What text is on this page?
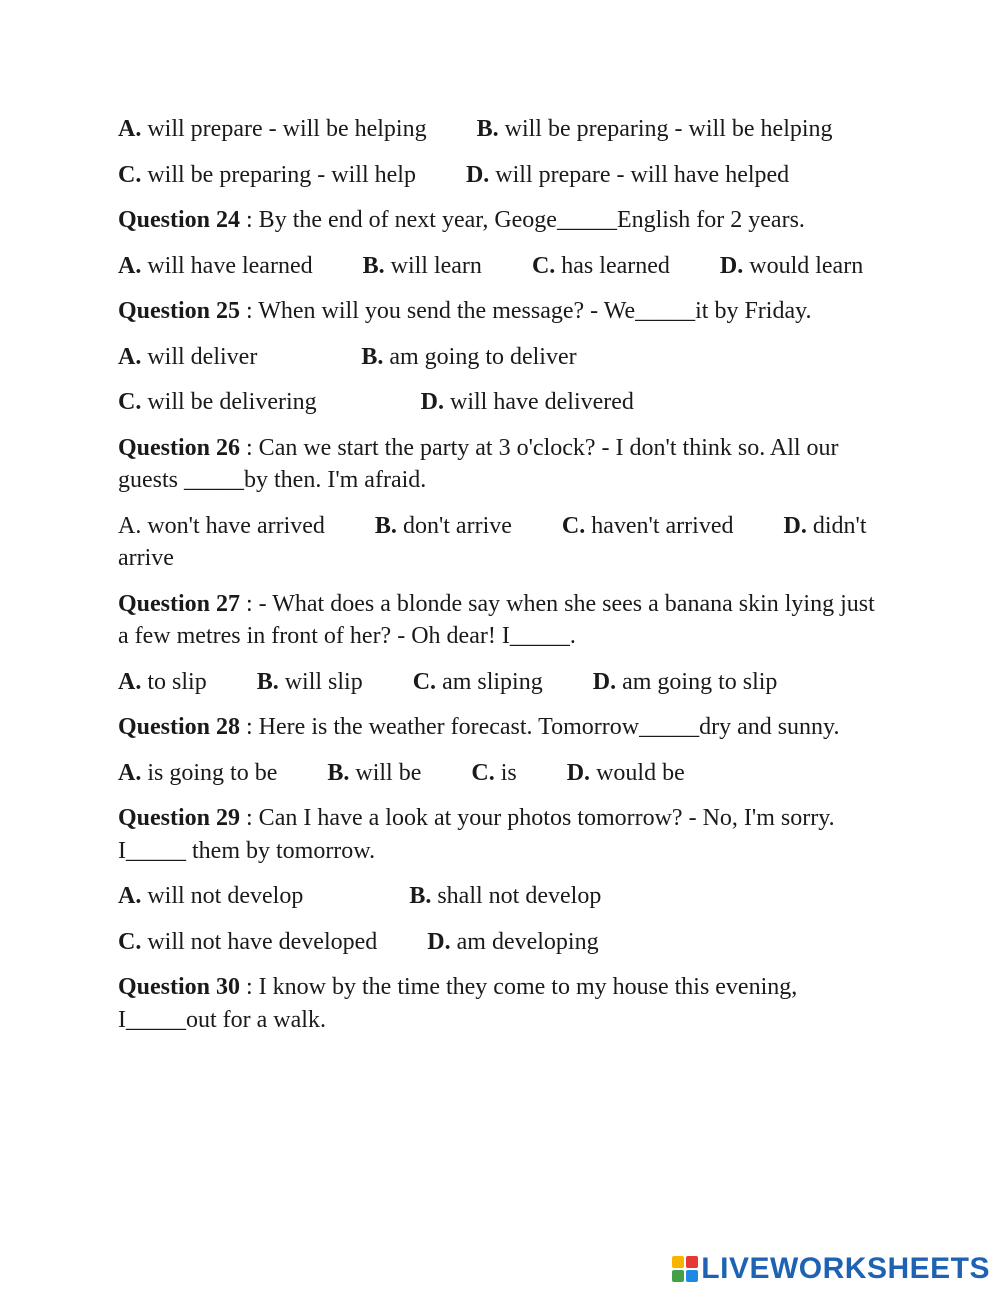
A. will prepare - will be helping B. will be preparing - will be helping

C. will be preparing - will help D. will prepare - will have helped

Question 24 : By the end of next year, Geoge_____English for 2 years.

A. will have learned B. will learn C. has learned D. would learn

Question 25 : When will you send the message? - We_____it by Friday.

A. will deliver	B. am going to deliver

C. will be delivering	D. will have delivered

Question 26 : Can we start the party at 3 o'clock? - I don't think so. All our guests _____by then. I'm afraid.

A. won't have arrived B. don't arrive C. haven't arrived D. didn't arrive

Question 27 : - What does a blonde say when she sees a banana skin lying just a few metres in front of her? - Oh dear! I_____.

A. to slip B. will slip C. am sliping D. am going to slip

Question 28 : Here is the weather forecast. Tomorrow_____dry and sunny.

A. is going to be B. will be C. is D. would be

Question 29 : Can I have a look at your photos tomorrow? - No, I'm sorry. I_____ them by tomorrow.

A. will not develop	B. shall not develop

C. will not have developed D. am developing

Question 30 : I know by the time they come to my house this evening, I_____out for a walk.

LIVEWORKSHEETS
